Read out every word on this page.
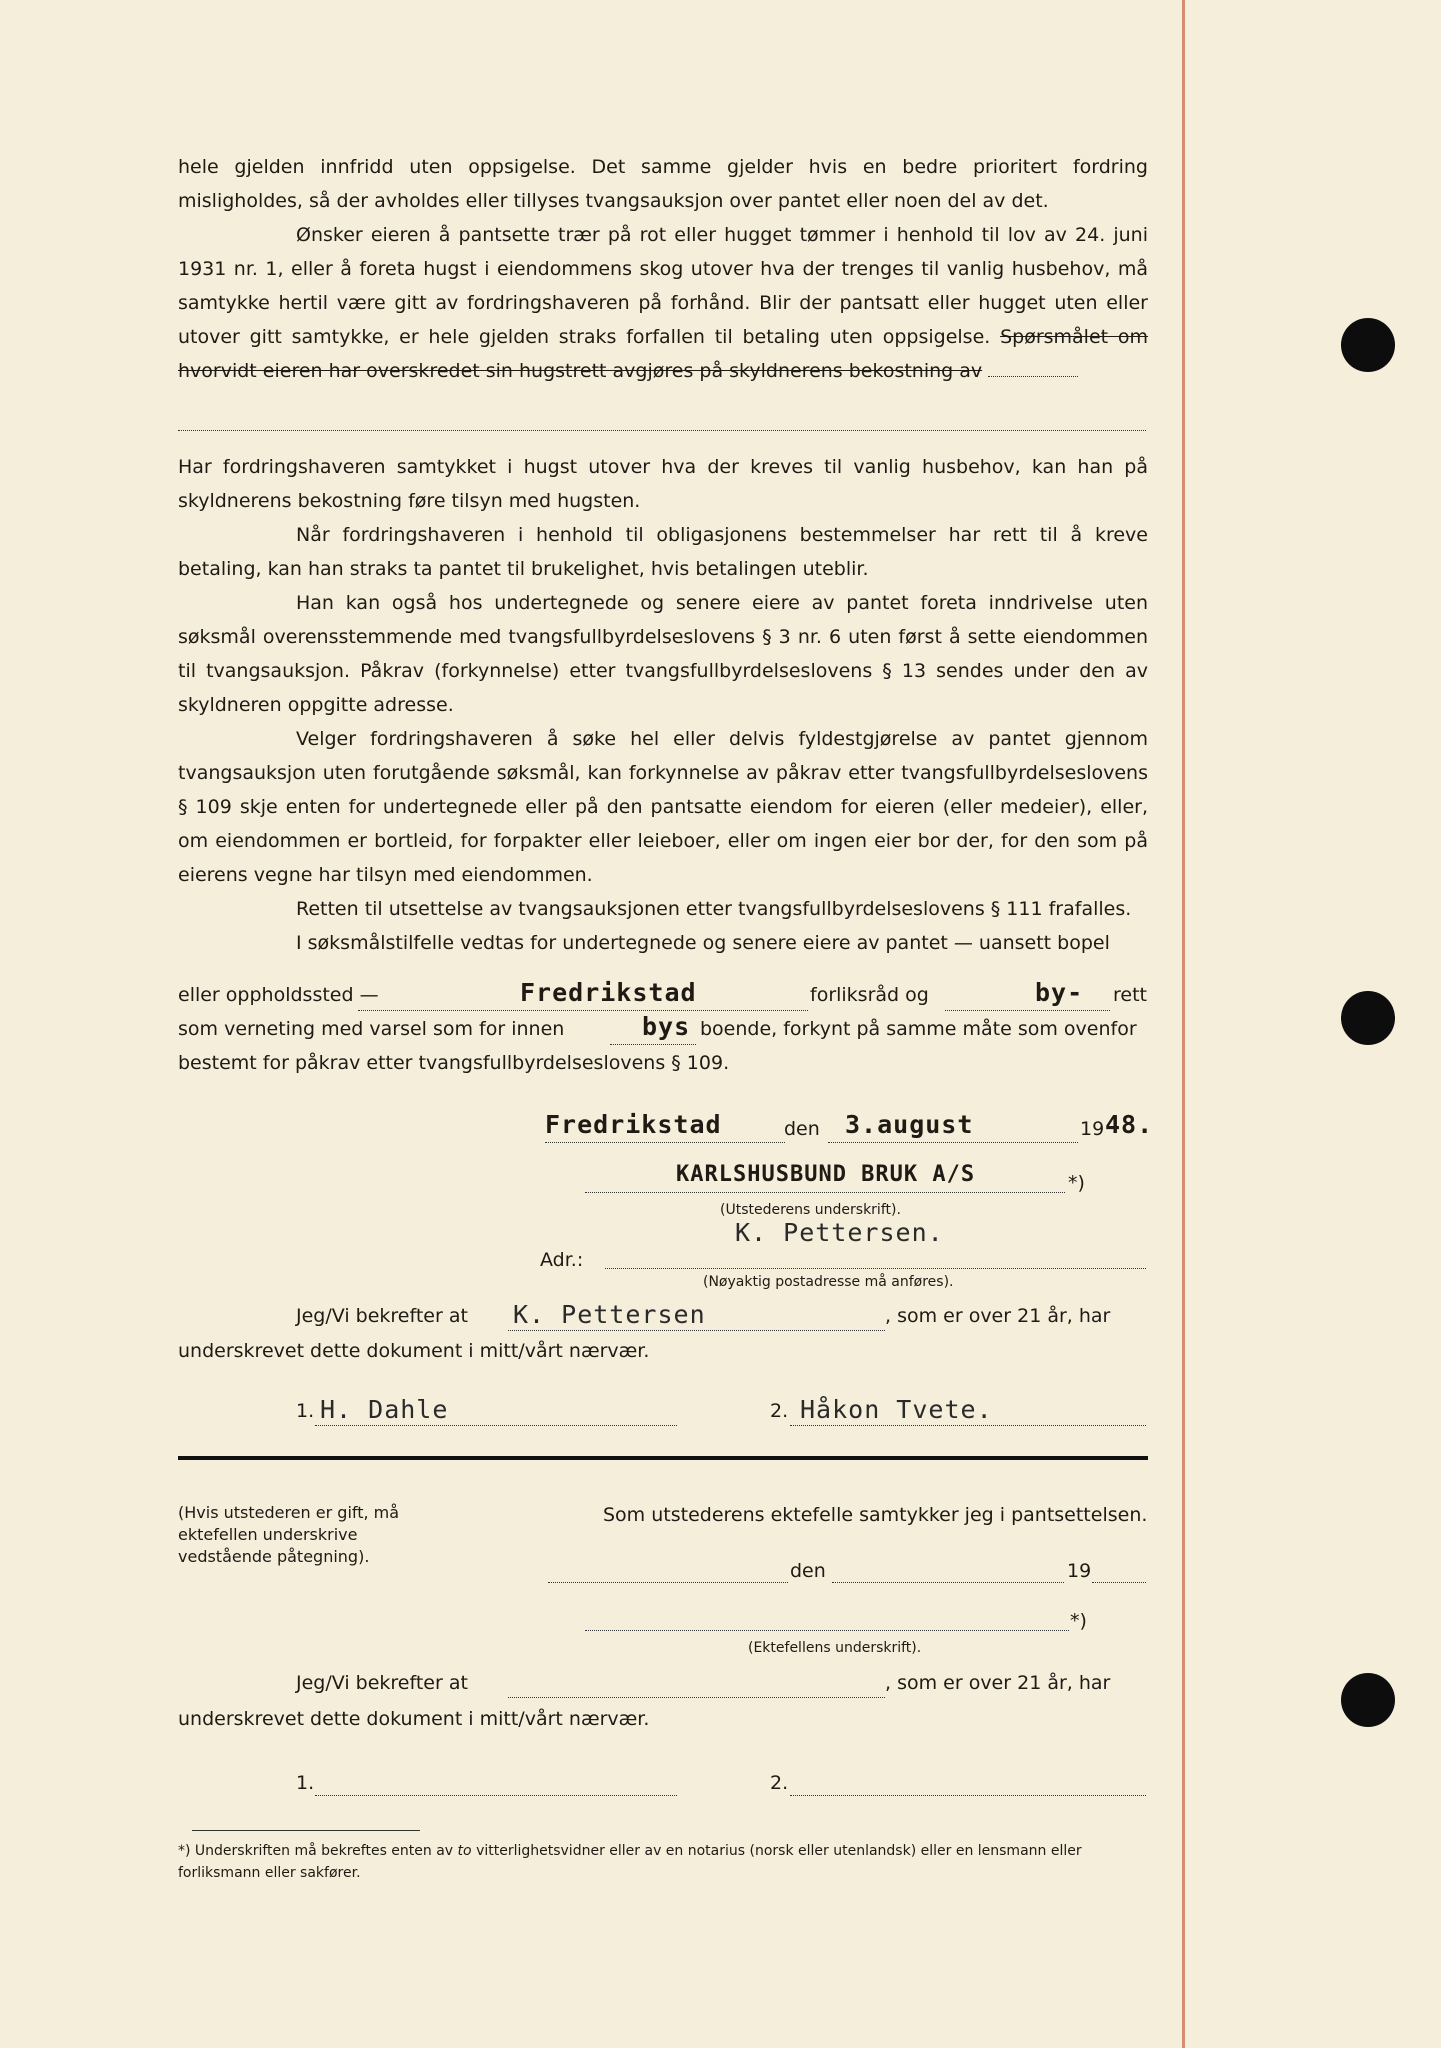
hele gjelden innfridd uten oppsigelse. Det samme gjelder hvis en bedre prioritert fordring misligholdes, så der avholdes eller tillyses tvangsauksjon over pantet eller noen del av det.

Ønsker eieren å pantsette trær på rot eller hugget tømmer i henhold til lov av 24. juni 1931 nr. 1, eller å foreta hugst i eiendommens skog utover hva der trenges til vanlig husbehov, må samtykke hertil være gitt av fordringshaveren på forhånd. Blir der pantsatt eller hugget uten eller utover gitt samtykke, er hele gjelden straks forfallen til betaling uten oppsigelse. Spørsmålet om hvorvidt eieren har overskredet sin hugstrett avgjøres på skyldnerens bekostning av

Har fordringshaveren samtykket i hugst utover hva der kreves til vanlig husbehov, kan han på skyldnerens bekostning føre tilsyn med hugsten.

Når fordringshaveren i henhold til obligasjonens bestemmelser har rett til å kreve betaling, kan han straks ta pantet til brukelighet, hvis betalingen uteblir.

Han kan også hos undertegnede og senere eiere av pantet foreta inndrivelse uten søksmål overensstemmende med tvangsfullbyrdelseslovens § 3 nr. 6 uten først å sette eiendommen til tvangsauksjon. Påkrav (forkynnelse) etter tvangsfullbyrdelseslovens § 13 sendes under den av skyldneren oppgitte adresse.

Velger fordringshaveren å søke hel eller delvis fyldestgjørelse av pantet gjennom tvangsauksjon uten forutgående søksmål, kan forkynnelse av påkrav etter tvangsfullbyrdelseslovens § 109 skje enten for undertegnede eller på den pantsatte eiendom for eieren (eller medeier), eller, om eiendommen er bortleid, for forpakter eller leieboer, eller om ingen eier bor der, for den som på eierens vegne har tilsyn med eiendommen.

Retten til utsettelse av tvangsauksjonen etter tvangsfullbyrdelseslovens § 111 frafalles.

I søksmålstilfelle vedtas for undertegnede og senere eiere av pantet — uansett bopel

eller oppholdssted —	Fredrikstad	forliksråd og	by- rett
som verneting med varsel som for innen	bys boende, forkynt på samme måte som ovenfor
bestemt for påkrav etter tvangsfullbyrdelseslovens § 109.
Fredrikstad	den 3.august	19 48.
KARLSHUSBUND BRUK A/S	*)
(Utstederens underskrift).
K. Pettersen.
Adr.:
(Nøyaktig postadresse må anføres).
Jeg/Vi bekrefter at K. Pettersen	, som er over 21 år, har
underskrevet dette dokument i mitt/vårt nærvær.
1. H. Dahle	2. Håkon Tvete.
(Hvis utstederen er gift, må ektefellen underskrive vedstående påtegning).
Som utstederens ektefelle samtykker jeg i pantsettelsen.
den	19
*)
(Ektefellens underskrift).
Jeg/Vi bekrefter at	, som er over 21 år, har
underskrevet dette dokument i mitt/vårt nærvær.
1.	2.
*) Underskriften må bekreftes enten av to vitterlighetsvidner eller av en notarius (norsk eller utenlandsk) eller en lensmann eller forliksmann eller sakfører.
